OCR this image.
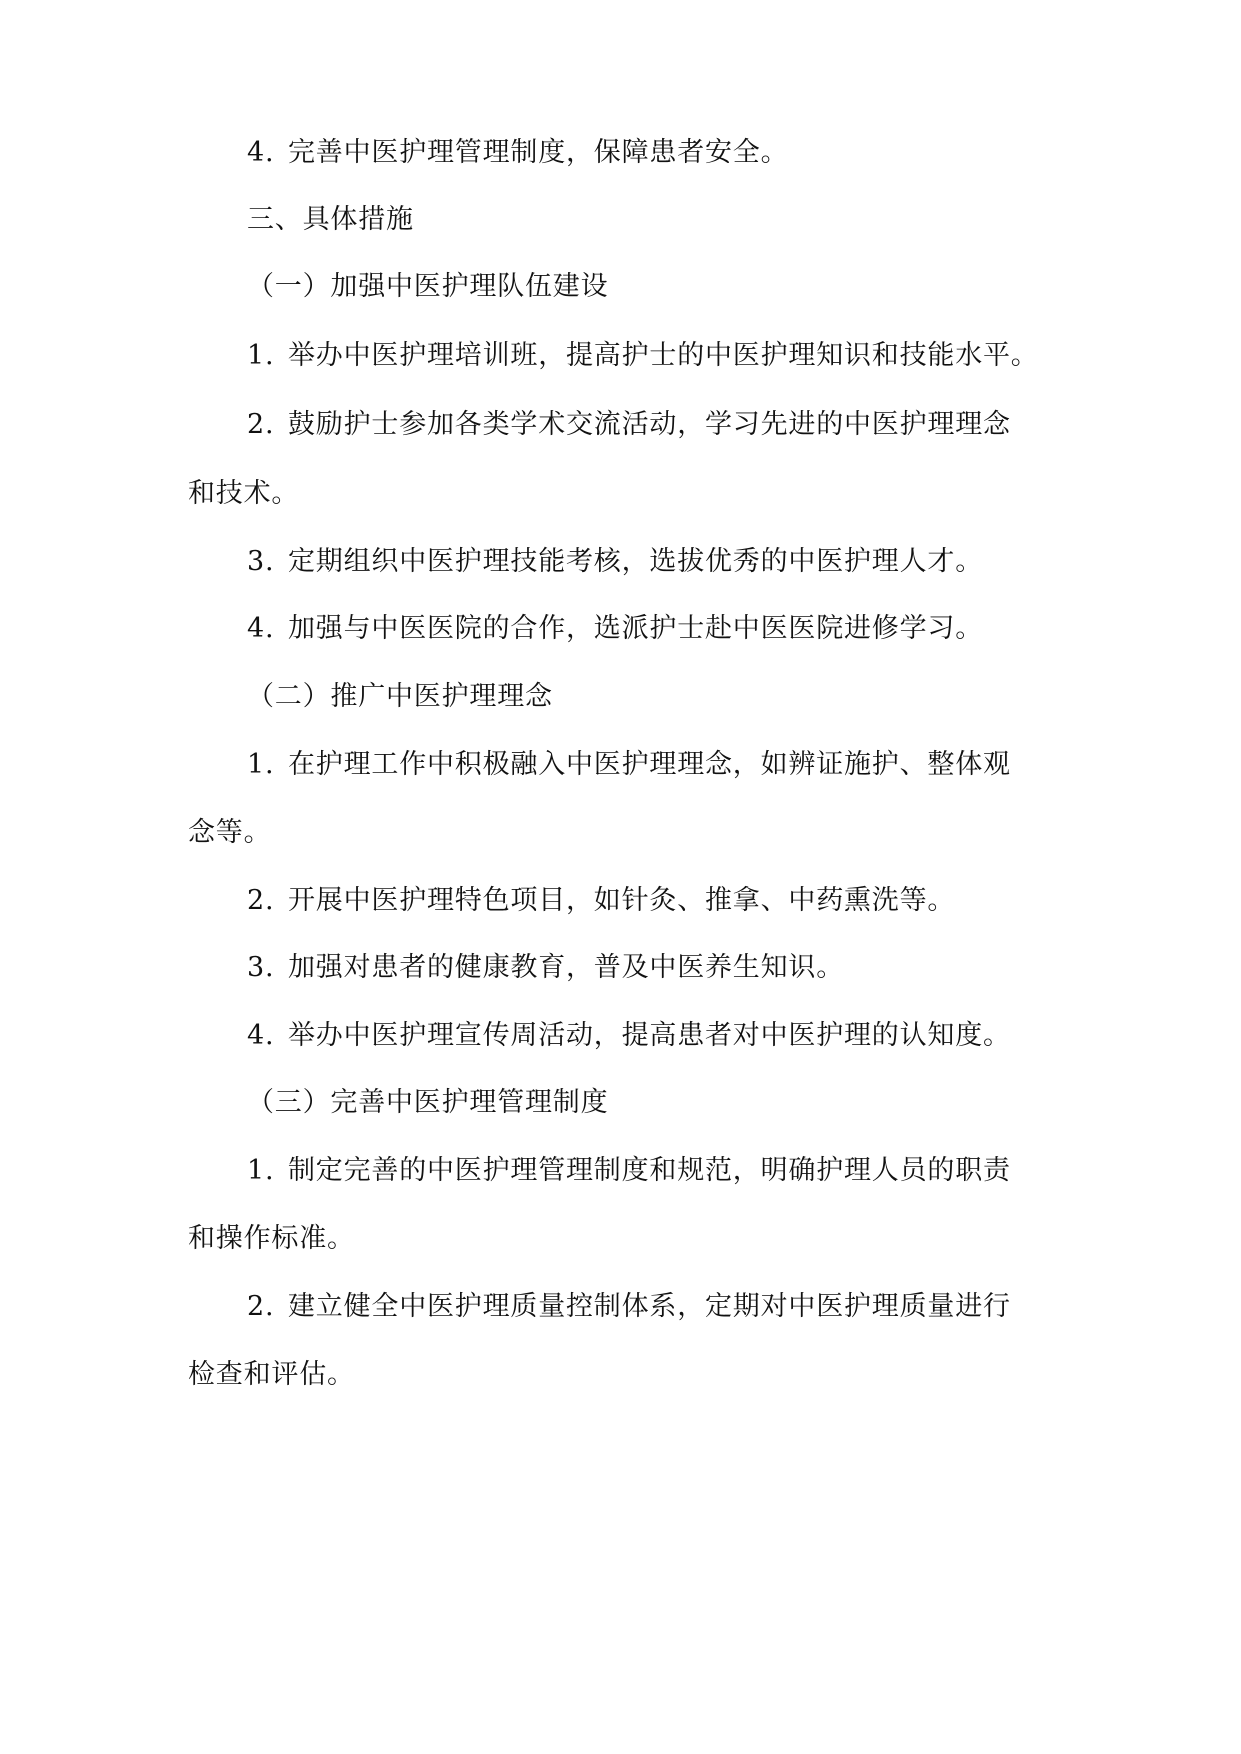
4. 完善中医护理管理制度，保障患者安全。
三、具体措施
（一）加强中医护理队伍建设
1. 举办中医护理培训班，提高护士的中医护理知识和技能水平。
2. 鼓励护士参加各类学术交流活动，学习先进的中医护理理念
和技术。
3. 定期组织中医护理技能考核，选拔优秀的中医护理人才。
4. 加强与中医医院的合作，选派护士赴中医医院进修学习。
（二）推广中医护理理念
1. 在护理工作中积极融入中医护理理念，如辨证施护、整体观
念等。
2. 开展中医护理特色项目，如针灸、推拿、中药熏洗等。
3. 加强对患者的健康教育，普及中医养生知识。
4. 举办中医护理宣传周活动，提高患者对中医护理的认知度。
（三）完善中医护理管理制度
1. 制定完善的中医护理管理制度和规范，明确护理人员的职责
和操作标准。
2. 建立健全中医护理质量控制体系，定期对中医护理质量进行
检查和评估。
